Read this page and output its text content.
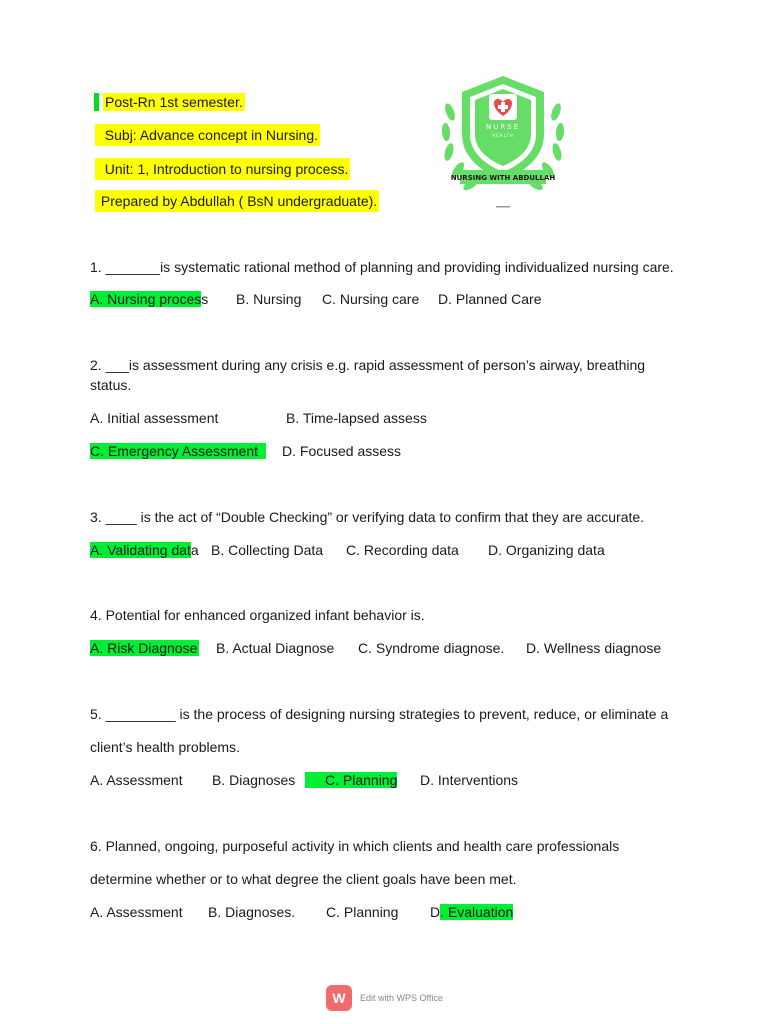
Post-Rn 1st semester.
Subj: Advance concept in Nursing.
Unit: 1, Introduction to nursing process.
Prepared by Abdullah ( BsN undergraduate).
NURSE
HEALTH
NURSING WITH ABDULLAH
1. _______is systematic rational method of planning and providing individualized nursing care.
A. Nursing process B. Nursing C. Nursing care D. Planned Care
2. ___is assessment during any crisis e.g. rapid assessment of person’s airway, breathing
status.
A. Initial assessment	B. Time-lapsed assess
C. Emergency Assessment	D. Focused assess
3. ____ is the act of “Double Checking” or verifying data to confirm that they are accurate.
A. Validating data B. Collecting Data C. Recording data D. Organizing data
4. Potential for enhanced organized infant behavior is.
A. Risk Diagnose B. Actual Diagnose C. Syndrome diagnose. D. Wellness diagnose
5. _________ is the process of designing nursing strategies to prevent, reduce, or eliminate a
client’s health problems.
A. Assessment B. Diagnoses	C. Planning D. Interventions
6. Planned, ongoing, purposeful activity in which clients and health care professionals
determine whether or to what degree the client goals have been met.
A. Assessment B. Diagnoses. C. Planning D. Evaluation
W	Edit with WPS Office
